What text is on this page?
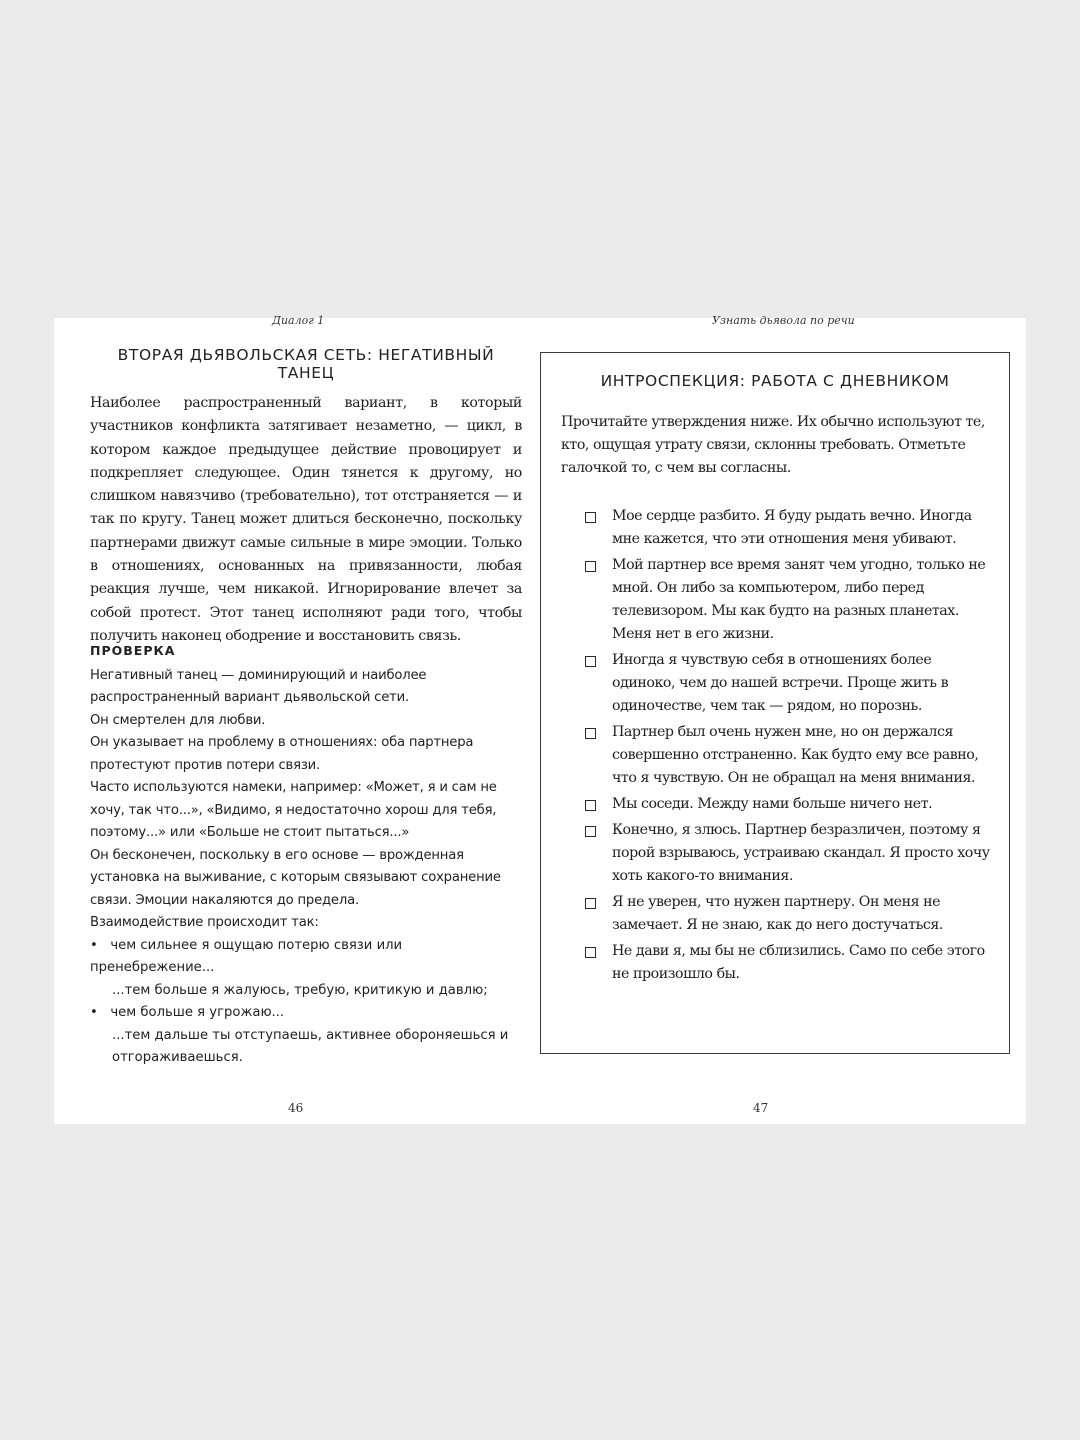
Диалог 1
ВТОРАЯ ДЬЯВОЛЬСКАЯ СЕТЬ: НЕГАТИВНЫЙ ТАНЕЦ

Наиболее распространенный вариант, в который участников конфликта затягивает незаметно, — цикл, в котором каждое предыдущее действие провоцирует и подкрепляет следующее. Один тянется к другому, но слишком навязчиво (требовательно), тот отстраняется — и так по кругу. Танец может длиться бесконечно, поскольку партнерами движут самые сильные в мире эмоции. Только в отношениях, основанных на привязанности, любая реакция лучше, чем никакой. Игнорирование влечет за собой протест. Этот танец исполняют ради того, чтобы получить наконец ободрение и восстановить связь.

ПРОВЕРКА

Негативный танец — доминирующий и наиболее распространенный вариант дьявольской сети.

Он смертелен для любви.

Он указывает на проблему в отношениях: оба партнера протестуют против потери связи.

Часто используются намеки, например: «Может, я и сам не хочу, так что...», «Видимо, я недостаточно хорош для тебя, поэтому...» или «Больше не стоит пытаться...»

Он бесконечен, поскольку в его основе — врожденная установка на выживание, с которым связывают сохранение связи. Эмоции накаляются до предела.

Взаимодействие происходит так:

•   чем сильнее я ощущаю потерю связи или пренебрежение...
...тем больше я жалуюсь, требую, критикую и давлю;
•   чем больше я угрожаю...
...тем дальше ты отступаешь, активнее обороняешься и отгораживаешься.
46
Узнать дьявола по речи
ИНТРОСПЕКЦИЯ: РАБОТА С ДНЕВНИКОМ

Прочитайте утверждения ниже. Их обычно используют те, кто, ощущая утрату связи, склонны требовать. Отметьте галочкой то, с чем вы согласны.

Мое сердце разбито. Я буду рыдать вечно. Иногда мне кажется, что эти отношения меня убивают.
Мой партнер все время занят чем угодно, только не мной. Он либо за компьютером, либо перед телевизором. Мы как будто на разных планетах. Меня нет в его жизни.
Иногда я чувствую себя в отношениях более одиноко, чем до нашей встречи. Проще жить в одиночестве, чем так — рядом, но порознь.
Партнер был очень нужен мне, но он держался совершенно отстраненно. Как будто ему все равно, что я чувствую. Он не обращал на меня внимания.
Мы соседи. Между нами больше ничего нет.
Конечно, я злюсь. Партнер безразличен, поэтому я порой взрываюсь, устраиваю скандал. Я просто хочу хоть какого-то внимания.
Я не уверен, что нужен партнеру. Он меня не замечает. Я не знаю, как до него достучаться.
Не дави я, мы бы не сблизились. Само по себе этого не произошло бы.
47
